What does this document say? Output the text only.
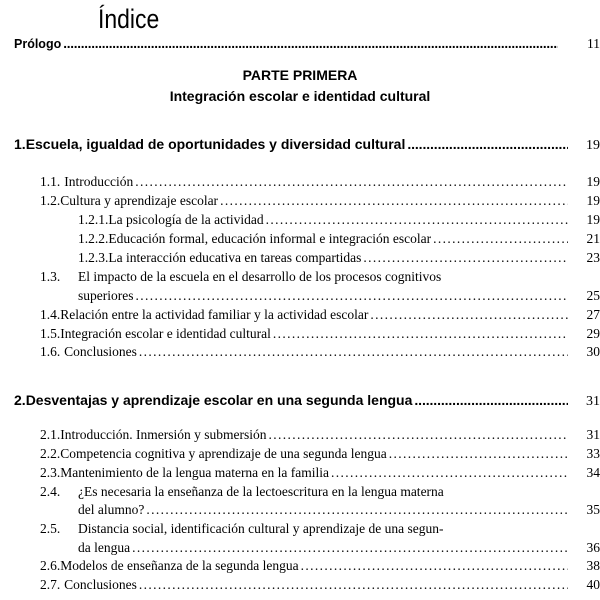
Índice
Prólogo . . .	11
PARTE PRIMERA
Integración escolar e identidad cultural
1. Escuela, igualdad de oportunidades y diversidad cultural . . .	19
1.1. Introducción . . .	19
1.2. Cultura y aprendizaje escolar . . .	19
1.2.1. La psicología de la actividad . . .	19
1.2.2. Educación formal, educación informal e integración escolar . . .	21
1.2.3. La interacción educativa en tareas compartidas . . .	23
1.3.	El impacto de la escuela en el desarrollo de los procesos cognitivos
superiores . . .	25
1.4. Relación entre la actividad familiar y la actividad escolar . . .	27
1.5. Integración escolar e identidad cultural . . .	29
1.6. Conclusiones . . .	30
2. Desventajas y aprendizaje escolar en una segunda lengua . . .	31
2.1. Introducción. Inmersión y submersión . . .	31
2.2. Competencia cognitiva y aprendizaje de una segunda lengua . . .	33
2.3. Mantenimiento de la lengua materna en la familia . . .	34
2.4.	¿Es necesaria la enseñanza de la lectoescritura en la lengua materna
del alumno? . . .	35
2.5.	Distancia social, identificación cultural y aprendizaje de una segun-
da lengua . . .	36
2.6. Modelos de enseñanza de la segunda lengua . . .	38
2.7. Conclusiones . . .	40
